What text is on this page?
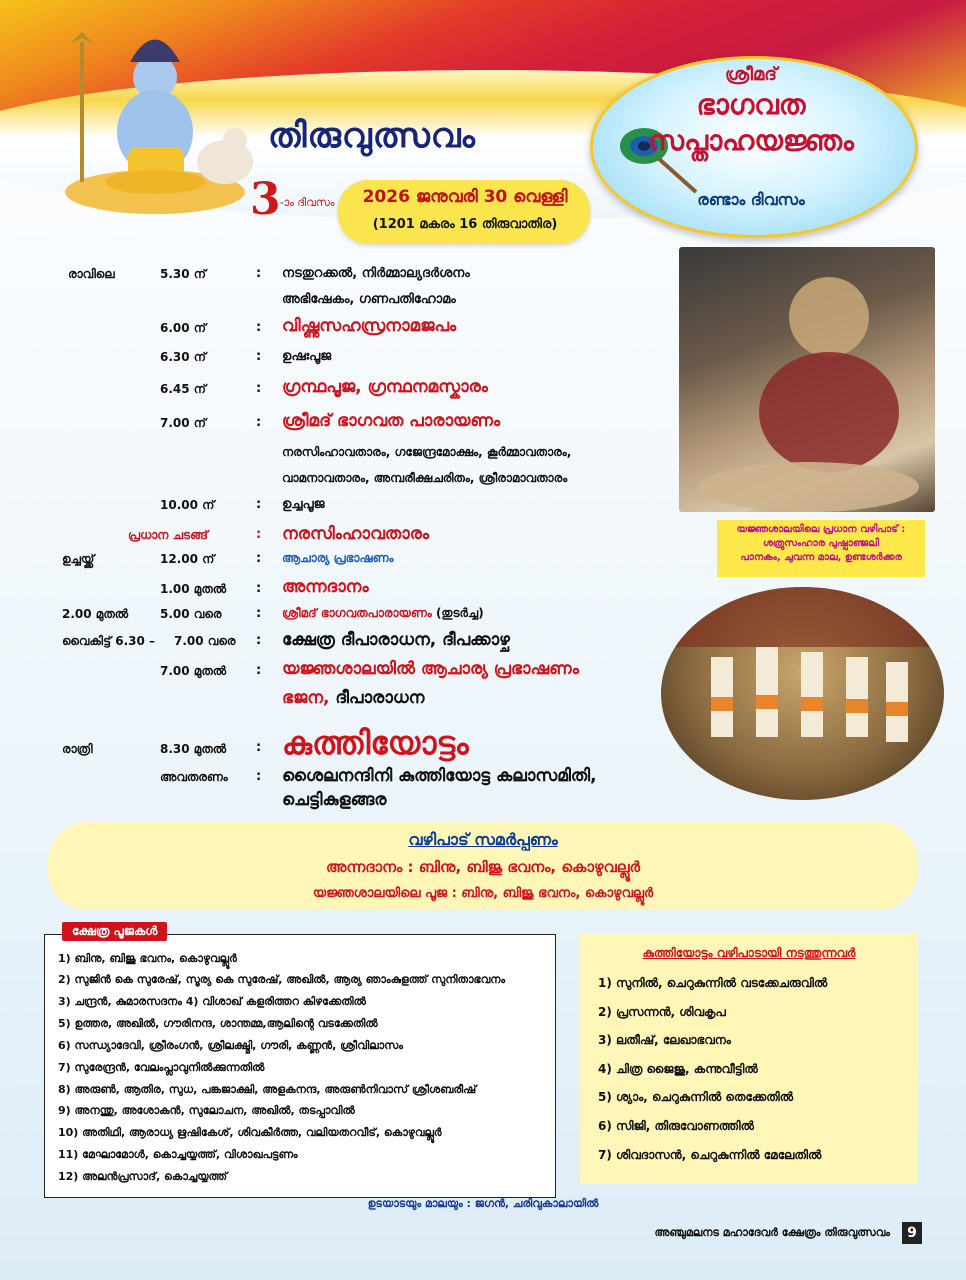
തിരുവുത്സവം
3 -ാം ദിവസം 2026 ജനുവരി 30 വെള്ളി
(1201 മകരം 16 തിരുവാതിര)
ശ്രീമദ്
ഭാഗവത
സപ്താഹയജ്ഞം
രണ്ടാം ദിവസം
രാവിലെ	5.30 ന്	: നടതുറക്കൽ, നിർമ്മാല്യദർശനം
അഭിഷേകം, ഗണപതിഹോമം
6.00 ന്	: വിഷ്ണുസഹസ്രനാമജപം
6.30 ന്	: ഉഷഃപൂജ
6.45 ന്	: ഗ്രന്ഥപൂജ, ഗ്രന്ഥനമസ്കാരം
7.00 ന്	: ശ്രീമദ് ഭാഗവത പാരായണം
നരസിംഹാവതാരം, ഗജേന്ദ്രമോക്ഷം, കൂർമ്മാവതാരം,
വാമനാവതാരം, അമ്പരീക്ഷചരിതം, ശ്രീരാമാവതാരം
10.00 ന്	: ഉച്ചപൂജ
പ്രധാന ചടങ്ങ്	: നരസിംഹാവതാരം
ഉച്ചയ്ക്ക്	12.00 ന്	: ആചാര്യ പ്രഭാഷണം
1.00 മുതൽ : അന്നദാനം
2.00 മുതൽ	5.00 വരെ	: ശ്രീമദ് ഭാഗവതപാരായണം (തുടർച്ച)
വൈകിട്ട് 6.30 – 7.00 വരെ : ക്ഷേത്ര ദീപാരാധന, ദീപക്കാഴ്ച
7.00 മുതൽ : യജ്ഞശാലയിൽ ആചാര്യ പ്രഭാഷണം
ഭജന, ദീപാരാധന
രാത്രി	8.30 മുതൽ : കുത്തിയോട്ടം
അവതരണം : ശൈലനന്ദിനി കുത്തിയോട്ട കലാസമിതി,
ചെട്ടികുളങ്ങര
യജ്ഞശാലയിലെ പ്രധാന വഴിപാട് :
ശത്രുസംഹാര പുഷ്പാഞ്ജലി
പാനകം, ചുവന്ന മാല, ഉണ്ടശർക്കര
വഴിപാട് സമർപ്പണം
അന്നദാനം : ബിനു, ബിജു ഭവനം, കൊഴുവല്ലൂർ
യജ്ഞശാലയിലെ പൂജ : ബിനു, ബിജു ഭവനം, കൊഴുവല്ലൂർ
ക്ഷേത്ര പൂജകൾ
1) ബിനു, ബിജു ഭവനം, കൊഴുവല്ലൂർ
2) സുജിൻ കെ സുരേഷ്, സൂര്യ കെ സുരേഷ്, അഖിൽ, ആര്യ ഞാംകുളത്ത് സുനിതാഭവനം
3) ചന്ദ്രൻ, കുമാരസദനം 4) വിശാഖ് കളരിത്തറ കിഴക്കേതിൽ
5) ഉത്തര, അഖിൽ, ഗൗരിനന്ദ, ശാന്തമ്മ,ആലിന്റെ വടക്കേതിൽ
6) സന്ധ്യാദേവി, ശ്രീരംഗൻ, ശ്രീലക്ഷ്മി, ഗൗരി, കണ്ണൻ, ശ്രീവിലാസം
7) സുരേന്ദ്രൻ, വേലംപ്ലാവുനിൽക്കുന്നതിൽ
8) അരുൺ, ആതിര, സുധ, പങ്കജാക്ഷി, അളകനന്ദ, അരുൺനിവാസ് ശ്രീശബരീഷ്
9) അനന്തു, അശോകൻ, സുലോചന, അഖിൽ, തടപ്പാവിൽ
10) അതിഥി, ആരാധ്യ ഋഷികേശ്, ശിവകീർത്ത, വലിയതറവീട്, കൊഴുവല്ലൂർ
11) മേഘാമോൾ, കൊച്ചയ്യത്ത്, വിശാഖപട്ടണം
12) അലൻപ്രസാദ്, കൊച്ചയ്യത്ത്
കുത്തിയോട്ടം വഴിപാടായി നടത്തുന്നവർ
1) സുനിൽ, ചെറുകുന്നിൽ വടക്കേചരുവിൽ
2) പ്രസന്നൻ, ശിവകൃപ
3) ലതീഷ്, ലേഖാഭവനം
4) ചിത്ര ജൈജു, കന്നുവീട്ടിൽ
5) ശ്യാം, ചെറുകുന്നിൽ തെക്കേതിൽ
6) സിജി, തിരുവോണത്തിൽ
7) ശിവദാസൻ, ചെറുകുന്നിൽ മേലേതിൽ
ഉടയാടയും മാലയും : ജഗൻ, ചരിവുകാലായിൽ
അഞ്ചുമലനട മഹാദേവർ ക്ഷേത്രം തിരുവുത്സവം	9
